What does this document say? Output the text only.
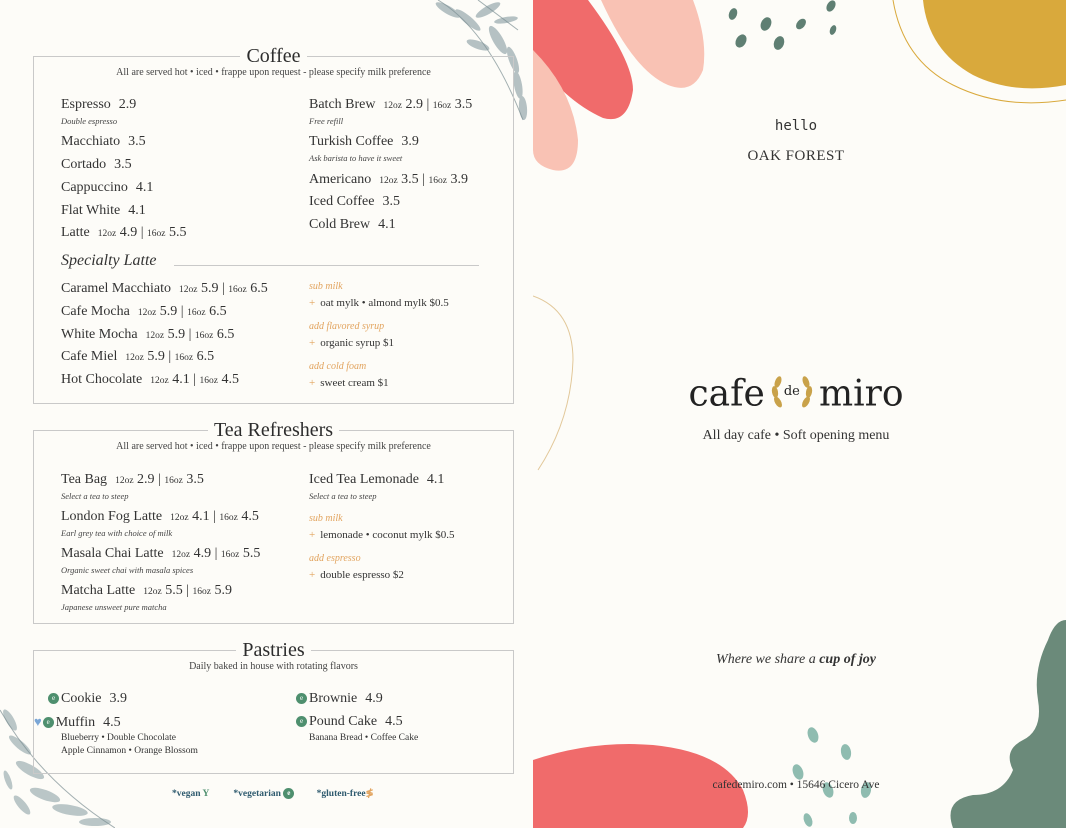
Coffee
All are served hot • iced • frappe upon request - please specify milk preference
Espresso 2.9
Double espresso
Macchiato 3.5
Cortado 3.5
Cappuccino 4.1
Flat White 4.1
Latte 12oz 4.9 | 16oz 5.5
Batch Brew 12oz 2.9 | 16oz 3.5
Free refill
Turkish Coffee 3.9
Ask barista to have it sweet
Americano 12oz 3.5 | 16oz 3.9
Iced Coffee 3.5
Cold Brew 4.1
Specialty Latte
Caramel Macchiato 12oz 5.9 | 16oz 6.5
Cafe Mocha 12oz 5.9 | 16oz 6.5
White Mocha 12oz 5.9 | 16oz 6.5
Cafe Miel 12oz 5.9 | 16oz 6.5
Hot Chocolate 12oz 4.1 | 16oz 4.5
sub milk
+ oat mylk • almond mylk $0.5
add flavored syrup
+ organic syrup $1
add cold foam
+ sweet cream $1
Tea Refreshers
All are served hot • iced • frappe upon request - please specify milk preference
Tea Bag 12oz 2.9 | 16oz 3.5
Select a tea to steep
London Fog Latte 12oz 4.1 | 16oz 4.5
Earl grey tea with choice of milk
Masala Chai Latte 12oz 4.9 | 16oz 5.5
Organic sweet chai with masala spices
Matcha Latte 12oz 5.5 | 16oz 5.9
Japanese unsweet pure matcha
Iced Tea Lemonade 4.1
Select a tea to steep
sub milk
+ lemonade • coconut mylk $0.5
add espresso
+ double espresso $2
Pastries
Daily baked in house with rotating flavors
e Cookie 3.9	e Brownie 4.9
♥ e Muffin 4.5
Blueberry • Double Chocolate
Apple Cinnamon • Orange Blossom
e Pound Cake 4.5
Banana Bread • Coffee Cake
*vegan Y	*vegetarian e	*gluten-free≸
hello
OAK FOREST
cafe	de miro
All day cafe • Soft opening menu
Where we share a cup of joy
cafedemiro.com • 15646 Cicero Ave
